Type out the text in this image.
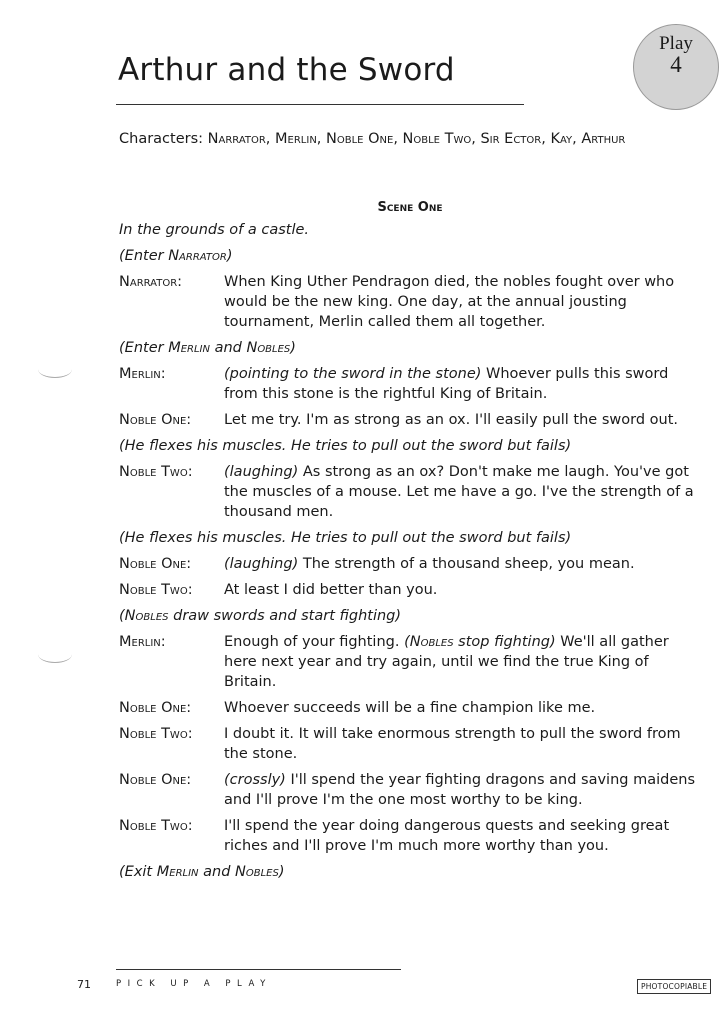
Arthur and the Sword
Play
4
Characters: Narrator, Merlin, Noble One, Noble Two, Sir Ector, Kay, Arthur
Scene One
In the grounds of a castle.
(Enter Narrator)
Narrator:	When King Uther Pendragon died, the nobles fought over who would be the new king. One day, at the annual jousting tournament, Merlin called them all together.
(Enter Merlin and Nobles)
Merlin:	(pointing to the sword in the stone) Whoever pulls this sword from this stone is the rightful King of Britain.
Noble One:	Let me try. I'm as strong as an ox. I'll easily pull the sword out.
(He flexes his muscles. He tries to pull out the sword but fails)
Noble Two:	(laughing) As strong as an ox? Don't make me laugh. You've got the muscles of a mouse. Let me have a go. I've the strength of a thousand men.
(He flexes his muscles. He tries to pull out the sword but fails)
Noble One:	(laughing) The strength of a thousand sheep, you mean.
Noble Two:	At least I did better than you.
(Nobles draw swords and start fighting)
Merlin:	Enough of your fighting. (Nobles stop fighting) We'll all gather here next year and try again, until we find the true King of Britain.
Noble One:	Whoever succeeds will be a fine champion like me.
Noble Two:	I doubt it. It will take enormous strength to pull the sword from the stone.
Noble One:	(crossly) I'll spend the year fighting dragons and saving maidens and I'll prove I'm the one most worthy to be king.
Noble Two:	I'll spend the year doing dangerous quests and seeking great riches and I'll prove I'm much more worthy than you.
(Exit Merlin and Nobles)
71	PICK UP A PLAY	PHOTOCOPIABLE
